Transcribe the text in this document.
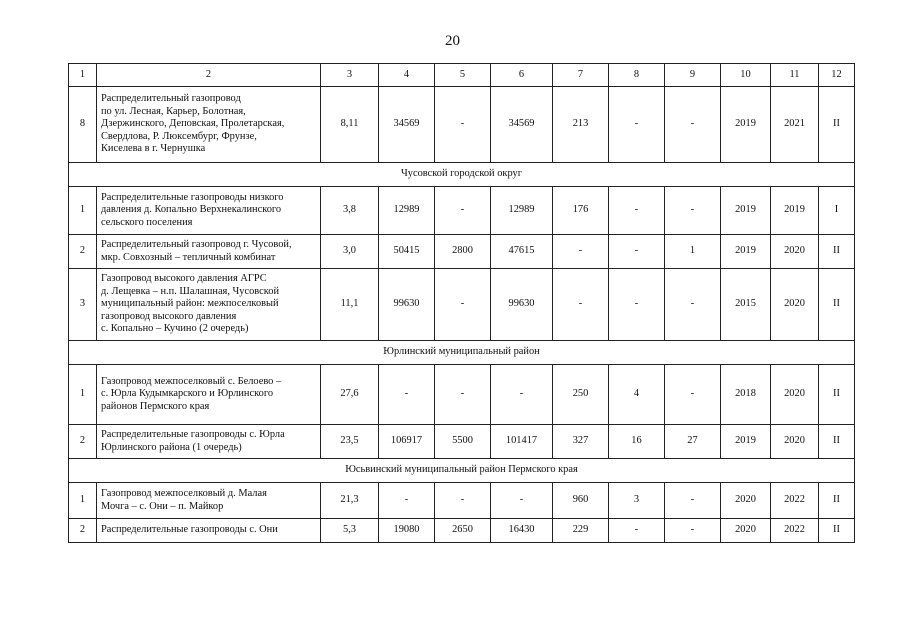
20
1	2	3	4	5	6	7	8	9	10	11	12
8	Распределительный газопровод
по ул. Лесная, Карьер, Болотная,
Дзержинского, Деповская, Пролетарская,
Свердлова, Р. Люксембург, Фрунзе,
Киселева в г. Чернушка	8,11	34569	-	34569	213	-	-	2019	2021	II
Чусовской городской округ											
1	Распределительные газопроводы низкого
давления д. Копально Верхнекалинского
сельского поселения	3,8	12989	-	12989	176	-	-	2019	2019	I
2	Распределительный газопровод г. Чусовой,
мкр. Совхозный – тепличный комбинат	3,0	50415	2800	47615	-	-	1	2019	2020	II
3	Газопровод высокого давления АГРС
д. Лещевка – н.п. Шалашная, Чусовской
муниципальный район: межпоселковый
газопровод высокого давления
с. Копально – Кучино (2 очередь)	11,1	99630	-	99630	-	-	-	2015	2020	II
Юрлинский муниципальный район											
1	Газопровод межпоселковый с. Белоево –
с. Юрла Кудымкарского и Юрлинского
районов Пермского края	27,6	-	-	-	250	4	-	2018	2020	II
2	Распределительные газопроводы с. Юрла
Юрлинского района (1 очередь)	23,5	106917	5500	101417	327	16	27	2019	2020	II
Юсьвинский муниципальный район Пермского края											
1	Газопровод межпоселковый д. Малая
Мочга – с. Они – п. Майкор	21,3	-	-	-	960	3	-	2020	2022	II
2	Распределительные газопроводы с. Они	5,3	19080	2650	16430	229	-	-	2020	2022	II
